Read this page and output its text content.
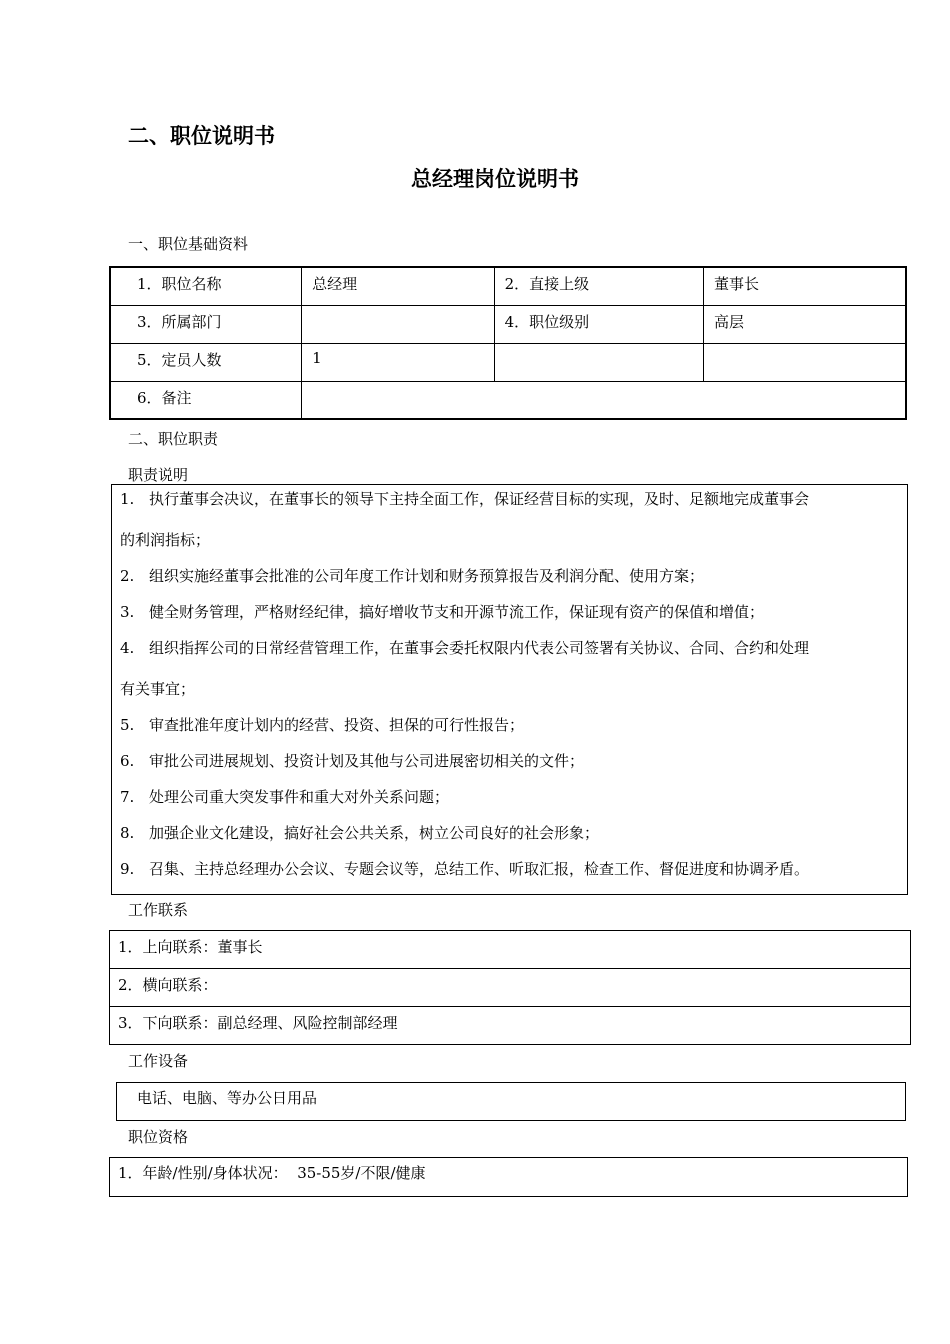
二、职位说明书
总经理岗位说明书
一、职位基础资料
1．职位名称	总经理	2．直接上级	董事长
3．所属部门		4．职位级别	高层
5．定员人数	1		
6．备注			
二、职位职责
职责说明
1. 执行董事会决议，在董事长的领导下主持全面工作，保证经营目标的实现，及时、足额地完成董事会
的利润指标；
2. 组织实施经董事会批准的公司年度工作计划和财务预算报告及利润分配、使用方案；
3. 健全财务管理，严格财经纪律，搞好增收节支和开源节流工作，保证现有资产的保值和增值；
4. 组织指挥公司的日常经营管理工作，在董事会委托权限内代表公司签署有关协议、合同、合约和处理
有关事宜；
5. 审查批准年度计划内的经营、投资、担保的可行性报告；
6. 审批公司进展规划、投资计划及其他与公司进展密切相关的文件；
7. 处理公司重大突发事件和重大对外关系问题；
8. 加强企业文化建设，搞好社会公共关系，树立公司良好的社会形象；
9. 召集、主持总经理办公会议、专题会议等，总结工作、听取汇报，检查工作、督促进度和协调矛盾。
工作联系
1．上向联系：董事长
2．横向联系：
3．下向联系：副总经理、风险控制部经理
工作设备
电话、电脑、等办公日用品
职位资格
1．年龄/性别/身体状况：  35-55岁/不限/健康
